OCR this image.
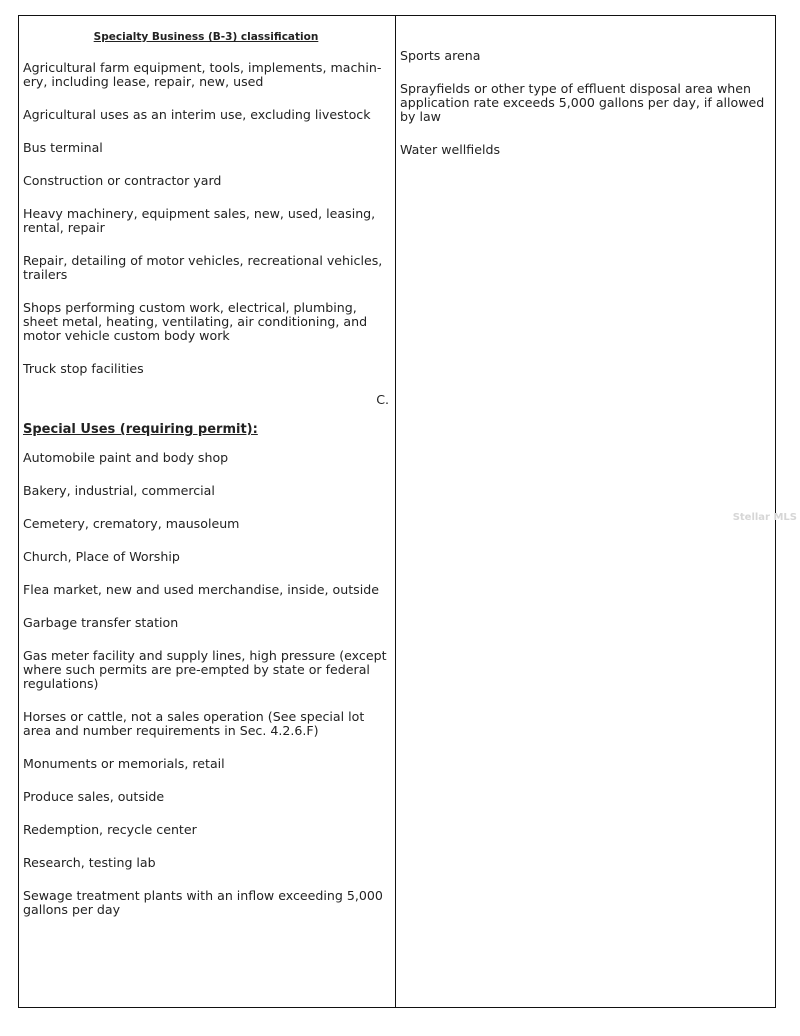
Specialty Business (B-3) classification
Agricultural farm equipment, tools, implements, machin-ery, including lease, repair, new, used
Agricultural uses as an interim use, excluding livestock
Bus terminal
Construction or contractor yard
Heavy machinery, equipment sales, new, used, leasing, rental, repair
Repair, detailing of motor vehicles, recreational vehicles, trailers
Shops performing custom work, electrical, plumbing, sheet metal, heating, ventilating, air conditioning, and motor vehicle custom body work
Truck stop facilities
C.
Special Uses (requiring permit):
Automobile paint and body shop
Bakery, industrial, commercial
Cemetery, crematory, mausoleum
Church, Place of Worship
Flea market, new and used merchandise, inside, outside
Garbage transfer station
Gas meter facility and supply lines, high pressure (except where such permits are pre-empted by state or federal regulations)
Horses or cattle, not a sales operation (See special lot area and number requirements in Sec. 4.2.6.F)
Monuments or memorials, retail
Produce sales, outside
Redemption, recycle center
Research, testing lab
Sewage treatment plants with an inflow exceeding 5,000 gallons per day
Sports arena
Sprayfields or other type of effluent disposal area when application rate exceeds 5,000 gallons per day, if allowed by law
Water wellfields
Stellar MLS
